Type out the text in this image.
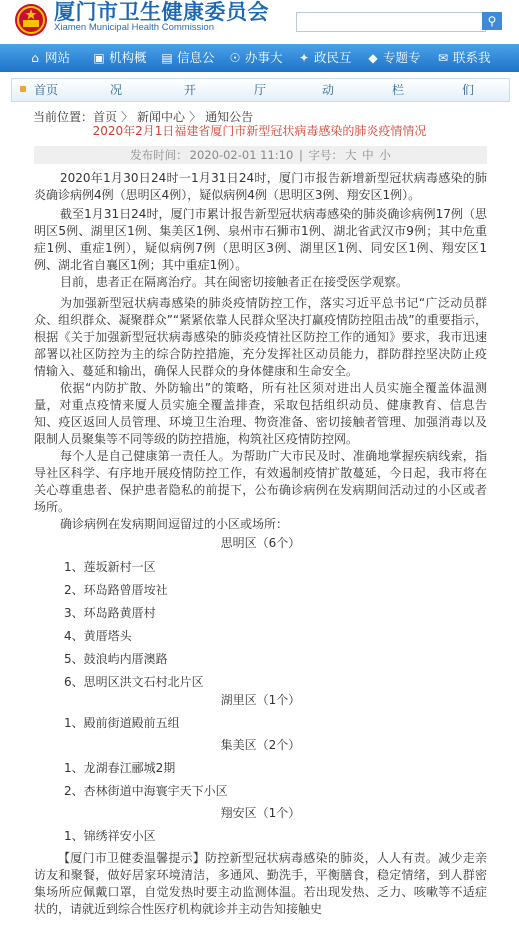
厦门市卫生健康委员会
Xiamen Municipal Health Commission	⚲
⌂ 网站 ▣ 机构概 ▤ 信息公 ☉ 办事大 ✦ 政民互 ◆ 专题专 ✉ 联系我
首页	况	开	厅	动	栏	们
当前位置：首页 〉 新闻中心 〉 通知公告
2020年2月1日福建省厦门市新型冠状病毒感染的肺炎疫情情况
发布时间： 2020-02-01 11:10 | 字号： 大 中 小

2020年1月30日24时一1月31日24时，厦门市报告新增新型冠状病毒感染的肺炎确诊病例4例（思明区4例），疑似病例4例（思明区3例、翔安区1例）。

截至1月31日24时，厦门市累计报告新型冠状病毒感染的肺炎确诊病例17例（思明区5例、湖里区1例、集美区1例、泉州市石狮市1例、湖北省武汉市9例；其中危重症1例、重症1例），疑似病例7例（思明区3例、湖里区1例、同安区1例、翔安区1例、湖北省自襄区1例；其中重症1例）。

目前，患者正在隔离治疗。其在闽密切接触者正在接受医学观察。

为加强新型冠状病毒感染的肺炎疫情防控工作，落实习近平总书记“广泛动员群众、组织群众、凝聚群众”“紧紧依靠人民群众坚决打赢疫情防控阻击战”的重要指示，根据《关于加强新型冠状病毒感染的肺炎疫情社区防控工作的通知》要求，我市迅速部署以社区防控为主的综合防控措施，充分发挥社区动员能力，群防群控坚决防止疫情输入、蔓延和输出，确保人民群众的身体健康和生命安全。

依据“内防扩散、外防输出”的策略，所有社区须对进出人员实施全覆盖体温测量，对重点疫情来厦人员实施全覆盖排查，采取包括组织动员、健康教育、信息告知、疫区返回人员管理、环境卫生治理、物资准备、密切接触者管理、加强消毒以及限制人员聚集等不同等级的防控措施，构筑社区疫情防控网。

每个人是自己健康第一责任人。为帮助广大市民及时、准确地掌握疾病线索，指导社区科学、有序地开展疫情防控工作，有效遏制疫情扩散蔓延，今日起，我市将在关心尊重患者、保护患者隐私的前提下，公布确诊病例在发病期间活动过的小区或者场所。

确诊病例在发病期间逗留过的小区或场所：

思明区（6个）
1、莲坂新村一区
2、环岛路曾厝垵社
3、环岛路黄厝村
4、黄厝塔头
5、鼓浪屿内厝澳路
6、思明区洪文石村北片区
湖里区（1个）
1、殿前街道殿前五组
集美区（2个）
1、龙湖春江郦城2期
2、杏林街道中海寰宇天下小区
翔安区（1个）
1、锦绣祥安小区
【厦门市卫健委温馨提示】防控新型冠状病毒感染的肺炎，人人有责。减少走亲访友和聚餐，做好居家环境清洁，多通风、勤洗手，平衡膳食，稳定情绪，到人群密集场所应佩戴口罩，自觉发热时要主动监测体温。若出现发热、乏力、咳嗽等不适症状的，请就近到综合性医疗机构就诊并主动告知接触史
